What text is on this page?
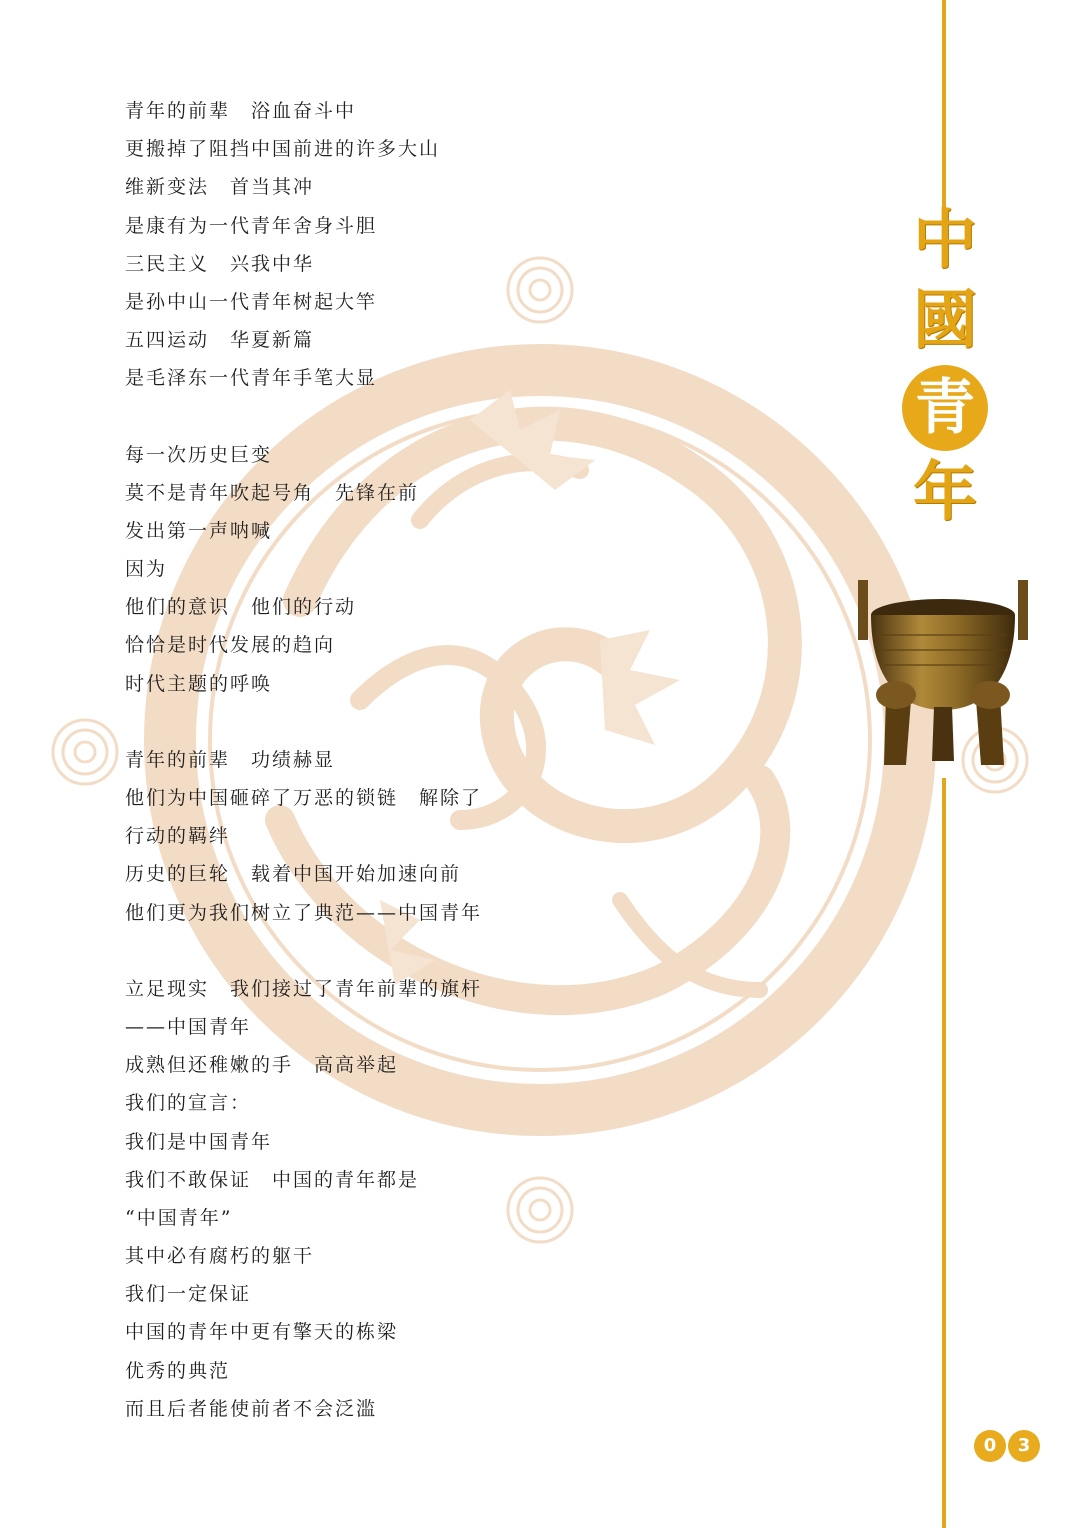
中
國
青
年
青年的前辈　浴血奋斗中
更搬掉了阻挡中国前进的许多大山
维新变法　首当其冲
是康有为一代青年舍身斗胆
三民主义　兴我中华
是孙中山一代青年树起大竿
五四运动　华夏新篇
是毛泽东一代青年手笔大显
每一次历史巨变
莫不是青年吹起号角　先锋在前
发出第一声呐喊
因为
他们的意识　他们的行动
恰恰是时代发展的趋向
时代主题的呼唤
青年的前辈　功绩赫显
他们为中国砸碎了万恶的锁链　解除了
行动的羁绊
历史的巨轮　载着中国开始加速向前
他们更为我们树立了典范——中国青年
立足现实　我们接过了青年前辈的旗杆
——中国青年
成熟但还稚嫩的手　高高举起
我们的宣言：
我们是中国青年
我们不敢保证　中国的青年都是
“中国青年”
其中必有腐朽的躯干
我们一定保证
中国的青年中更有擎天的栋梁
优秀的典范
而且后者能使前者不会泛滥
0	3
